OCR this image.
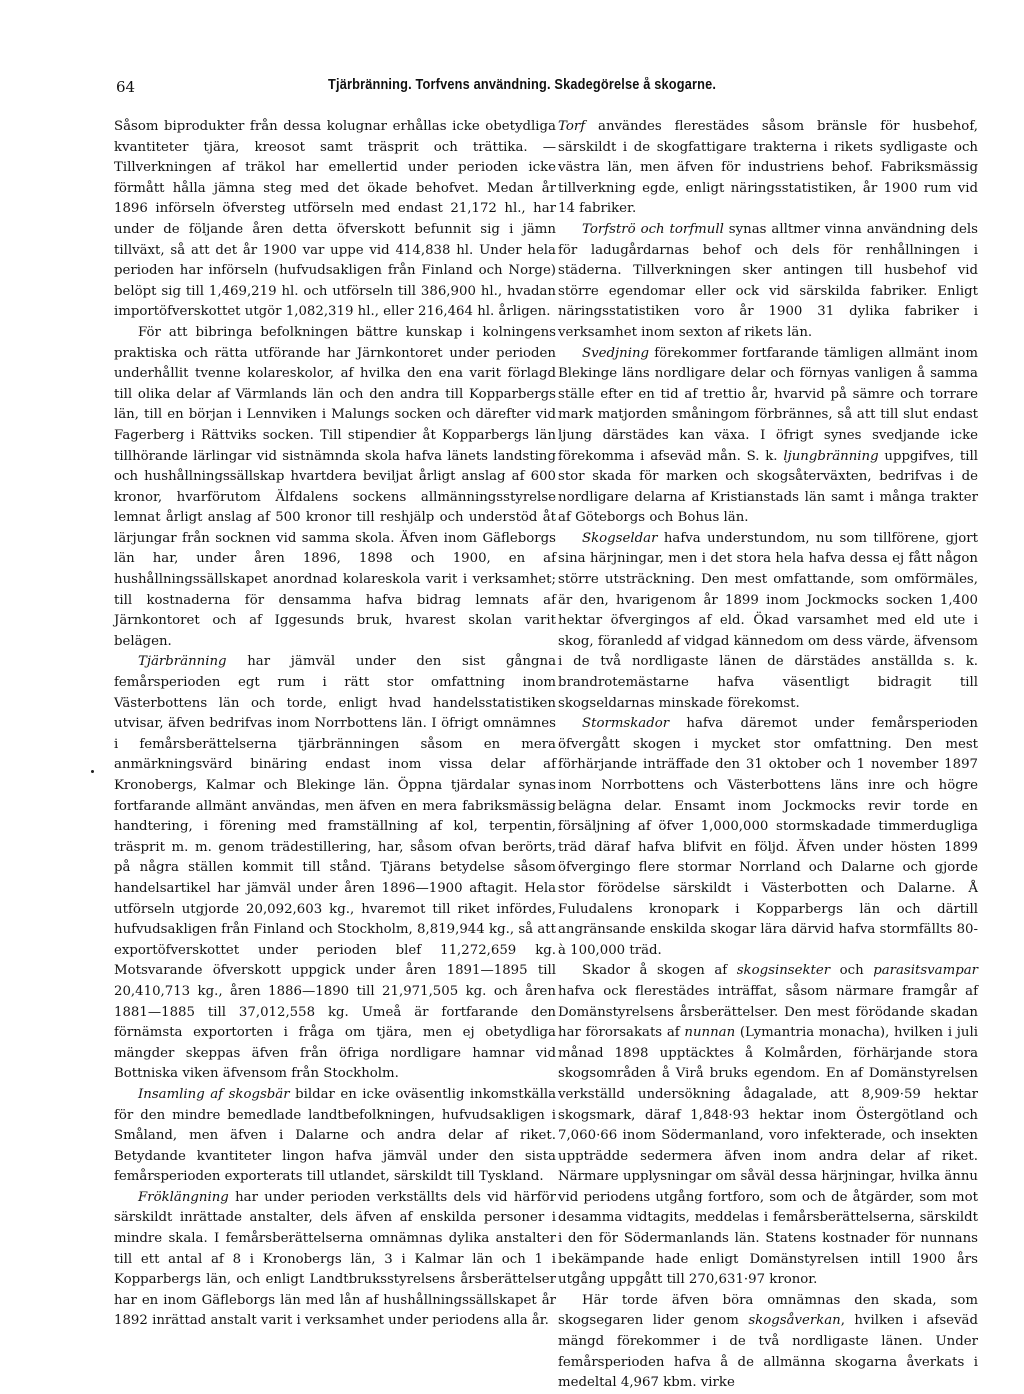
64	Tjärbränning. Torfvens användning. Skadegörelse å skogarne.

Såsom biprodukter från dessa kolugnar erhållas icke obetydliga kvantiteter tjära, kreosot samt träsprit och trättika. — Tillverkningen af träkol har emellertid under perioden icke förmått hålla jämna steg med det ökade behofvet. Medan år 1896 införseln öfversteg utförseln med endast 21,172 hl., har under de följande åren detta öfverskott befunnit sig i jämn tillväxt, så att det år 1900 var uppe vid 414,838 hl. Under hela perioden har införseln (hufvudsakligen från Finland och Norge) belöpt sig till 1,469,219 hl. och utförseln till 386,900 hl., hvadan importöfverskottet utgör 1,082,319 hl., eller 216,464 hl. årligen.

För att bibringa befolkningen bättre kunskap i kolningens praktiska och rätta utförande har Järnkontoret under perioden underhållit tvenne kolareskolor, af hvilka den ena varit förlagd till olika delar af Värmlands län och den andra till Kopparbergs län, till en början i Lennviken i Malungs socken och därefter vid Fagerberg i Rättviks socken. Till stipendier åt Kopparbergs län tillhörande lärlingar vid sistnämnda skola hafva länets landsting och hushållningssällskap hvartdera beviljat årligt anslag af 600 kronor, hvarförutom Älfdalens sockens allmänningsstyrelse lemnat årligt anslag af 500 kronor till reshjälp och understöd åt lärjungar från socknen vid samma skola. Äfven inom Gäfleborgs län har, under åren 1896, 1898 och 1900, en af hushållningssällskapet anordnad kolareskola varit i verksamhet; till kostnaderna för densamma hafva bidrag lemnats af Järnkontoret och af Iggesunds bruk, hvarest skolan varit belägen.

Tjärbränning har jämväl under den sist gångna femårsperioden egt rum i rätt stor omfattning inom Västerbottens län och torde, enligt hvad handelsstatistiken utvisar, äfven bedrifvas inom Norrbottens län. I öfrigt omnämnes i femårsberättelserna tjärbränningen såsom en mera anmärkningsvärd binäring endast inom vissa delar af Kronobergs, Kalmar och Blekinge län. Öppna tjärdalar synas fortfarande allmänt användas, men äfven en mera fabriksmässig handtering, i förening med framställning af kol, terpentin, träsprit m. m. genom trädestillering, har, såsom ofvan berörts, på några ställen kommit till stånd. Tjärans betydelse såsom handelsartikel har jämväl under åren 1896—1900 aftagit. Hela utförseln utgjorde 20,092,603 kg., hvaremot till riket infördes, hufvudsakligen från Finland och Stockholm, 8,819,944 kg., så att exportöfverskottet under perioden blef 11,272,659 kg. Motsvarande öfverskott uppgick under åren 1891—1895 till 20,410,713 kg., åren 1886—1890 till 21,971,505 kg. och åren 1881—1885 till 37,012,558 kg. Umeå är fortfarande den förnämsta exportorten i fråga om tjära, men ej obetydliga mängder skeppas äfven från öfriga nordligare hamnar vid Bottniska viken äfvensom från Stockholm.

Insamling af skogsbär bildar en icke oväsentlig inkomstkälla för den mindre bemedlade landtbefolkningen, hufvudsakligen i Småland, men äfven i Dalarne och andra delar af riket. Betydande kvantiteter lingon hafva jämväl under den sista femårsperioden exporterats till utlandet, särskildt till Tyskland.

Fröklängning har under perioden verkställts dels vid härför särskildt inrättade anstalter, dels äfven af enskilda personer i mindre skala. I femårsberättelserna omnämnas dylika anstalter till ett antal af 8 i Kronobergs län, 3 i Kalmar län och 1 i Kopparbergs län, och enligt Landtbruksstyrelsens årsberättelser har en inom Gäfleborgs län med lån af hushållningssällskapet år 1892 inrättad anstalt varit i verksamhet under periodens alla år.

Torf användes flerestädes såsom bränsle för husbehof, särskildt i de skogfattigare trakterna i rikets sydligaste och västra län, men äfven för industriens behof. Fabriksmässig tillverkning egde, enligt näringsstatistiken, år 1900 rum vid 14 fabriker.

Torfströ och torfmull synas alltmer vinna användning dels för ladugårdarnas behof och dels för renhållningen i städerna. Tillverkningen sker antingen till husbehof vid större egendomar eller ock vid särskilda fabriker. Enligt näringsstatistiken voro år 1900 31 dylika fabriker i verksamhet inom sexton af rikets län.

Svedjning förekommer fortfarande tämligen allmänt inom Blekinge läns nordligare delar och förnyas vanligen å samma ställe efter en tid af trettio år, hvarvid på sämre och torrare mark matjorden småningom förbrännes, så att till slut endast ljung därstädes kan växa. I öfrigt synes svedjande icke förekomma i afseväd mån. S. k. ljungbränning uppgifves, till stor skada för marken och skogsåterväxten, bedrifvas i de nordligare delarna af Kristianstads län samt i många trakter af Göteborgs och Bohus län.

Skogseldar hafva understundom, nu som tillförene, gjort sina härjningar, men i det stora hela hafva dessa ej fått någon större utsträckning. Den mest omfattande, som omförmäles, är den, hvarigenom år 1899 inom Jockmocks socken 1,400 hektar öfvergingos af eld. Ökad varsamhet med eld ute i skog, föranledd af vidgad kännedom om dess värde, äfvensom i de två nordligaste länen de därstädes anställda s. k. brandrotemästarne hafva väsentligt bidragit till skogseldarnas minskade förekomst.

Stormskador hafva däremot under femårsperioden öfvergått skogen i mycket stor omfattning. Den mest förhärjande inträffade den 31 oktober och 1 november 1897 inom Norrbottens och Västerbottens läns inre och högre belägna delar. Ensamt inom Jockmocks revir torde en försäljning af öfver 1,000,000 stormskadade timmerdugliga träd däraf hafva blifvit en följd. Äfven under hösten 1899 öfvergingo flere stormar Norrland och Dalarne och gjorde stor förödelse särskildt i Västerbotten och Dalarne. Å Fuludalens kronopark i Kopparbergs län och därtill angränsande enskilda skogar lära därvid hafva stormfällts 80- à 100,000 träd.

Skador å skogen af skogsinsekter och parasitsvampar hafva ock flerestädes inträffat, såsom närmare framgår af Domänstyrelsens årsberättelser. Den mest förödande skadan har förorsakats af nunnan (Lymantria monacha), hvilken i juli månad 1898 upptäcktes å Kolmården, förhärjande stora skogsområden å Virå bruks egendom. En af Domänstyrelsen verkställd undersökning ådagalade, att 8,909·59 hektar skogsmark, däraf 1,848·93 hektar inom Östergötland och 7,060·66 inom Södermanland, voro infekterade, och insekten uppträdde sedermera äfven inom andra delar af riket. Närmare upplysningar om såväl dessa härjningar, hvilka ännu vid periodens utgång fortforo, som och de åtgärder, som mot desamma vidtagits, meddelas i femårsberättelserna, särskildt i den för Södermanlands län. Statens kostnader för nunnans bekämpande hade enligt Domänstyrelsen intill 1900 års utgång uppgått till 270,631·97 kronor.

Här torde äfven böra omnämnas den skada, som skogsegaren lider genom skogsåverkan, hvilken i afseväd mängd förekommer i de två nordligaste länen. Under femårsperioden hafva å de allmänna skogarna åverkats i medeltal 4,967 kbm. virke
